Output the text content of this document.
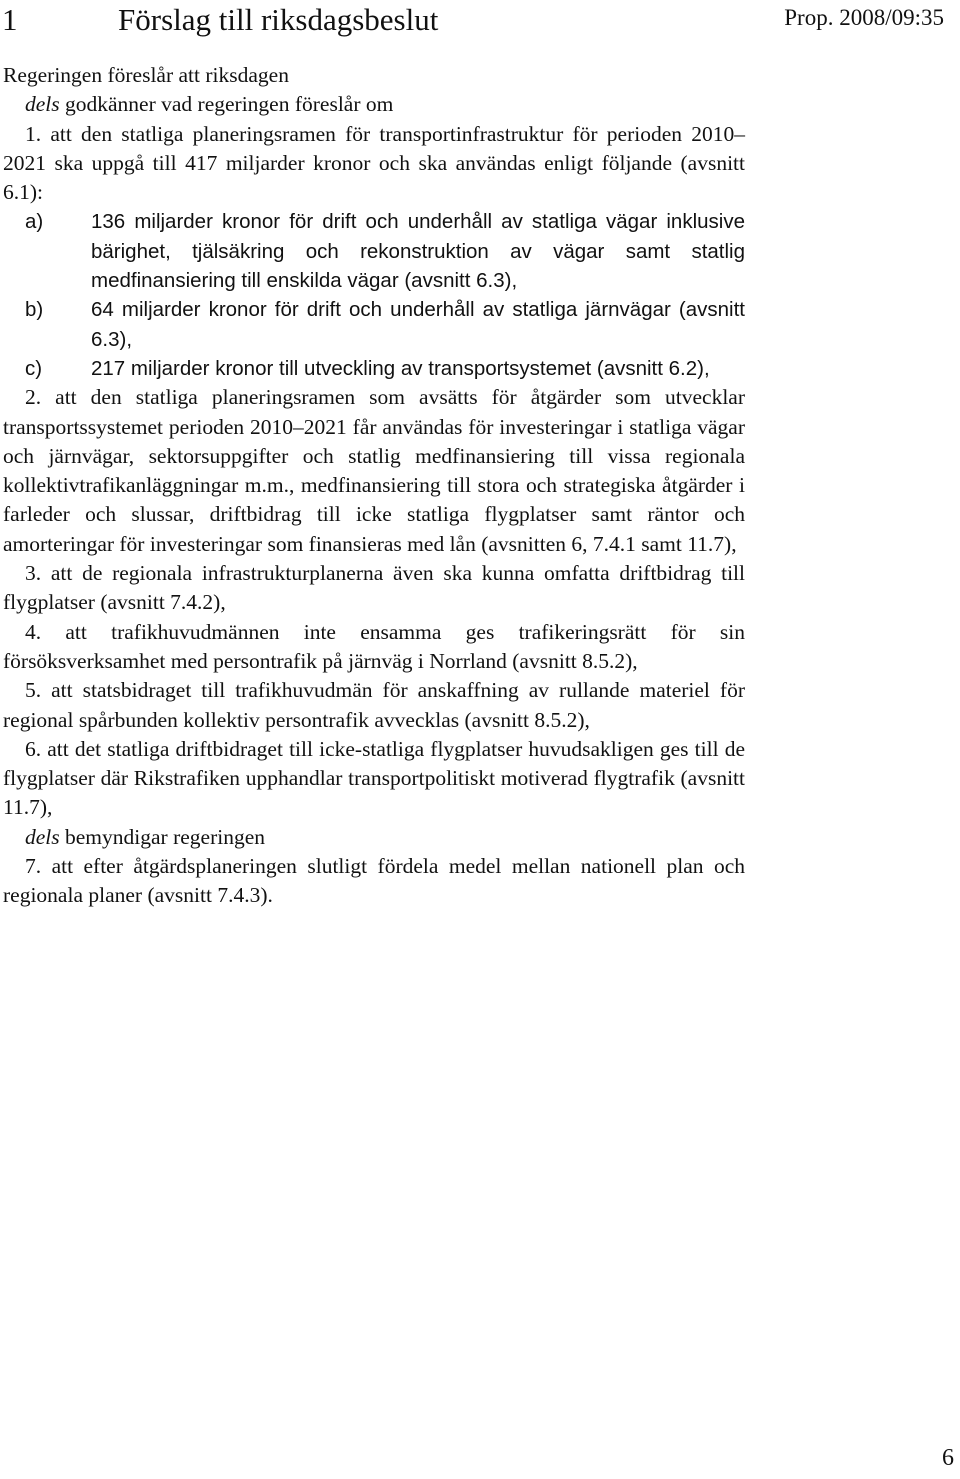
1	Förslag till riksdagsbeslut	Prop. 2008/09:35

Regeringen föreslår att riksdagen

dels godkänner vad regeringen föreslår om

1. att den statliga planeringsramen för transportinfrastruktur för perioden 2010–2021 ska uppgå till 417 miljarder kronor och ska användas enligt följande (avsnitt 6.1):

a)	136 miljarder kronor för drift och underhåll av statliga vägar inklusive bärighet, tjälsäkring och rekonstruktion av vägar samt statlig medfinansiering till enskilda vägar (avsnitt 6.3),
b)	64 miljarder kronor för drift och underhåll av statliga järnvägar (avsnitt 6.3),
c)	217 miljarder kronor till utveckling av transportsystemet (avsnitt 6.2),

2. att den statliga planeringsramen som avsätts för åtgärder som utvecklar transportssystemet perioden 2010–2021 får användas för investeringar i statliga vägar och järnvägar, sektorsuppgifter och statlig medfinansiering till vissa regionala kollektivtrafikanläggningar m.m., medfinansiering till stora och strategiska åtgärder i farleder och slussar, driftbidrag till icke statliga flygplatser samt räntor och amorteringar för investeringar som finansieras med lån (avsnitten 6, 7.4.1 samt 11.7),

3. att de regionala infrastrukturplanerna även ska kunna omfatta driftbidrag till flygplatser (avsnitt 7.4.2),

4. att trafikhuvudmännen inte ensamma ges trafikeringsrätt för sin försöksverksamhet med persontrafik på järnväg i Norrland (avsnitt 8.5.2),

5. att statsbidraget till trafikhuvudmän för anskaffning av rullande materiel för regional spårbunden kollektiv persontrafik avvecklas (avsnitt 8.5.2),

6. att det statliga driftbidraget till icke-statliga flygplatser huvudsakligen ges till de flygplatser där Rikstrafiken upphandlar transportpolitiskt motiverad flygtrafik (avsnitt 11.7),

dels bemyndigar regeringen

7. att efter åtgärdsplaneringen slutligt fördela medel mellan nationell plan och regionala planer (avsnitt 7.4.3).

6
